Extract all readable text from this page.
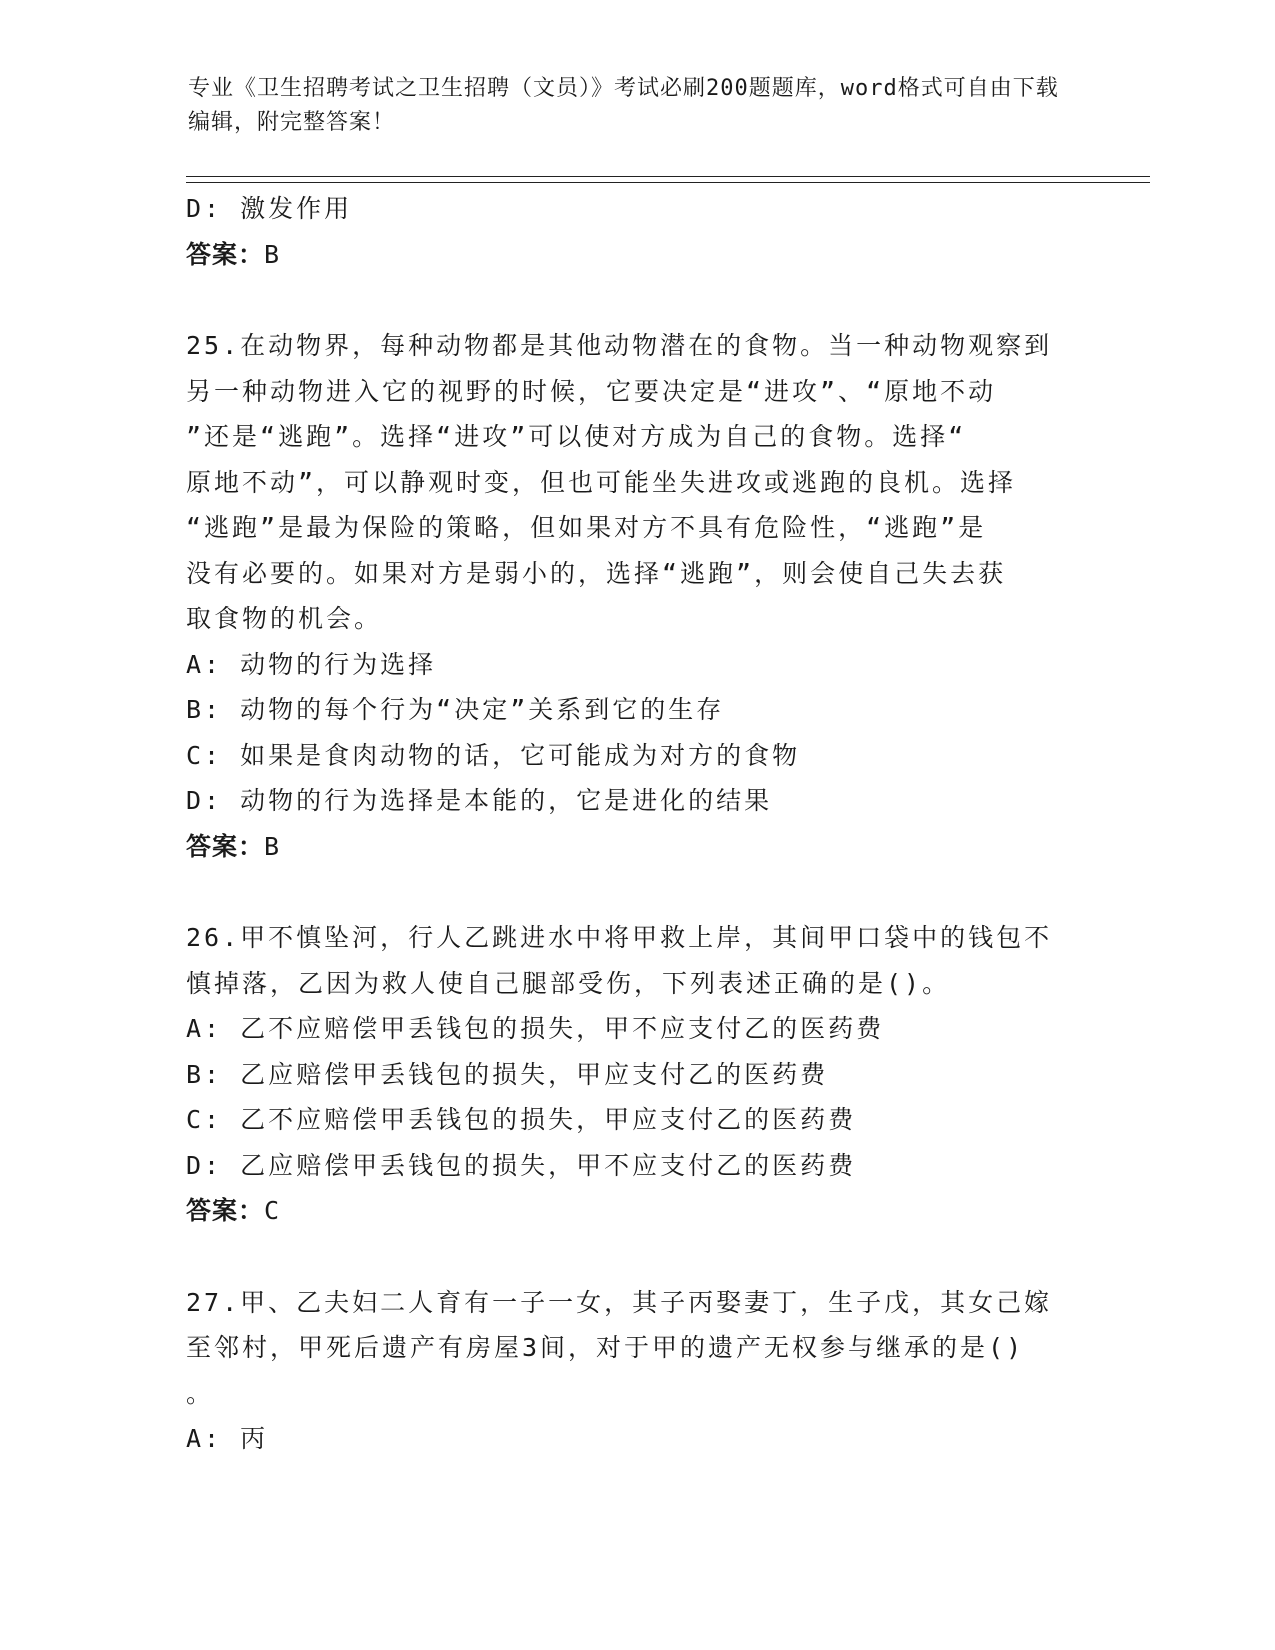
专业《卫生招聘考试之卫生招聘（文员）》考试必刷200题题库，word格式可自由下载编辑，附完整答案！
D: 激发作用
答案：B
25.在动物界，每种动物都是其他动物潜在的食物。当一种动物观察到
另一种动物进入它的视野的时候，它要决定是“进攻”、“原地不动
”还是“逃跑”。选择“进攻”可以使对方成为自己的食物。选择“
原地不动”，可以静观时变，但也可能坐失进攻或逃跑的良机。选择
“逃跑”是最为保险的策略，但如果对方不具有危险性，“逃跑”是
没有必要的。如果对方是弱小的，选择“逃跑”，则会使自己失去获
取食物的机会。
A: 动物的行为选择
B: 动物的每个行为“决定”关系到它的生存
C: 如果是食肉动物的话，它可能成为对方的食物
D: 动物的行为选择是本能的，它是进化的结果
答案：B
26.甲不慎坠河，行人乙跳进水中将甲救上岸，其间甲口袋中的钱包不
慎掉落，乙因为救人使自己腿部受伤，下列表述正确的是()。
A: 乙不应赔偿甲丢钱包的损失，甲不应支付乙的医药费
B: 乙应赔偿甲丢钱包的损失，甲应支付乙的医药费
C: 乙不应赔偿甲丢钱包的损失，甲应支付乙的医药费
D: 乙应赔偿甲丢钱包的损失，甲不应支付乙的医药费
答案：C
27.甲、乙夫妇二人育有一子一女，其子丙娶妻丁，生子戊，其女己嫁
至邻村，甲死后遗产有房屋3间，对于甲的遗产无权参与继承的是()
。
A: 丙
